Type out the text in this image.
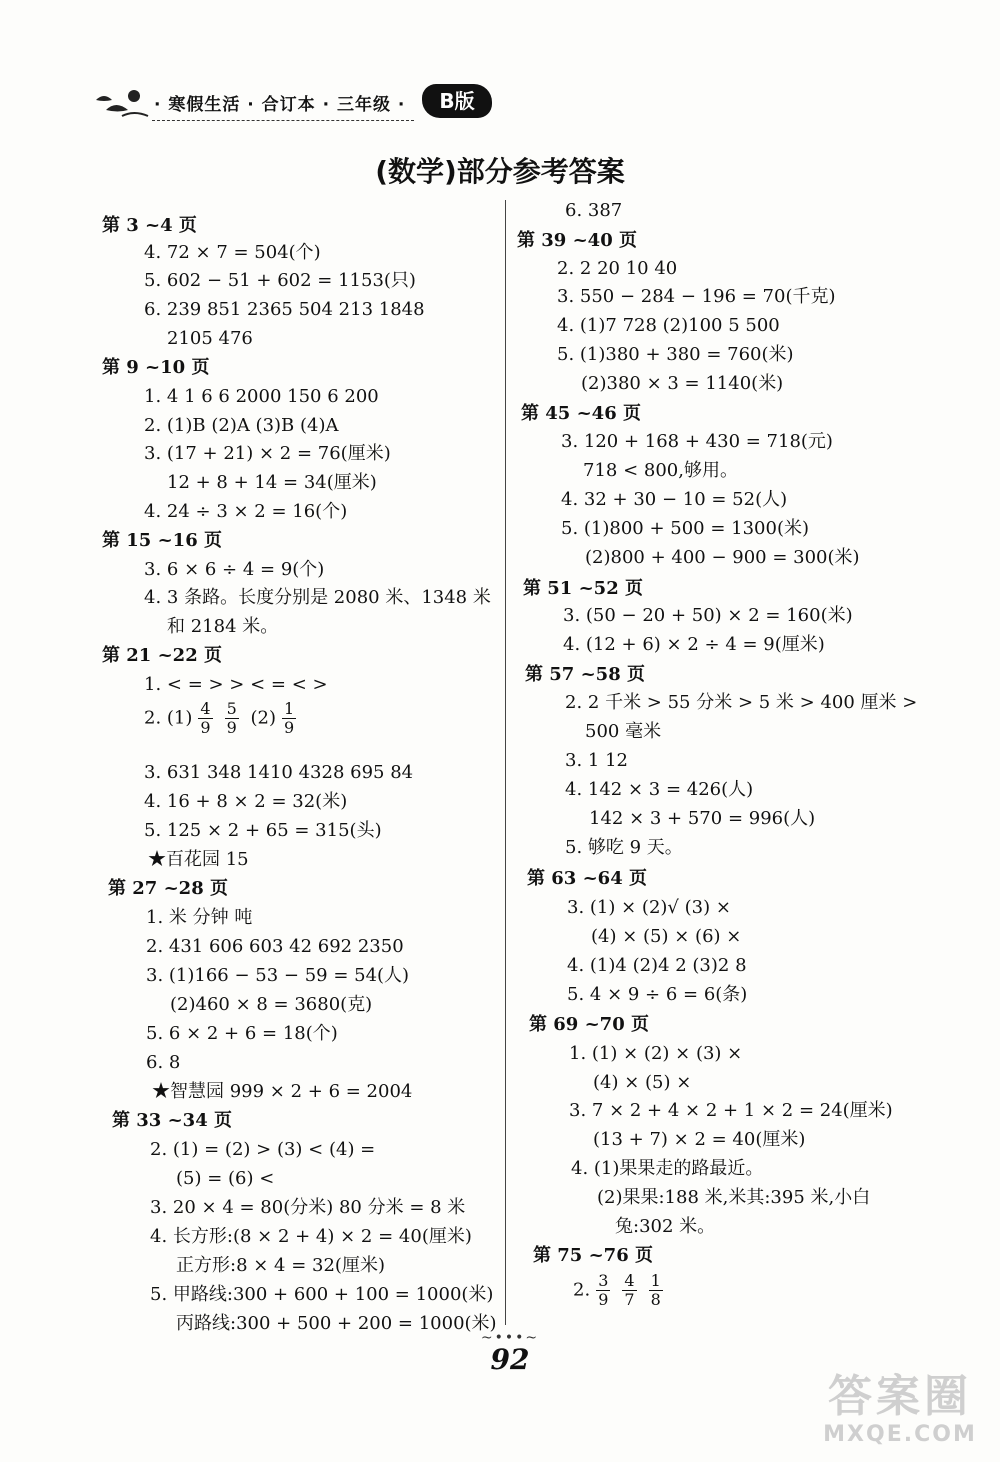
· 寒假生活 · 合订本 · 三年级 ·	B版
(数学)部分参考答案
第 3 ~4 页
4. 72 × 7 = 504(个)
5. 602 − 51 + 602 = 1153(只)
6. 239 851 2365 504 213 1848
2105 476
第 9 ~10 页
1. 4 1 6 6 2000 150 6 200
2. (1)B (2)A (3)B (4)A
3. (17 + 21) × 2 = 76(厘米)
12 + 8 + 14 = 34(厘米)
4. 24 ÷ 3 × 2 = 16(个)
第 15 ~16 页
3. 6 × 6 ÷ 4 = 9(个)
4. 3 条路。长度分别是 2080 米、1348 米
和 2184 米。
第 21 ~22 页
1. < = > > < = < >
3. 631 348 1410 4328 695 84
4. 16 + 8 × 2 = 32(米)
5. 125 × 2 + 65 = 315(头)
★百花园 15
第 27 ~28 页
1. 米 分钟 吨
2. 431 606 603 42 692 2350
3. (1)166 − 53 − 59 = 54(人)
(2)460 × 8 = 3680(克)
5. 6 × 2 + 6 = 18(个)
6. 8
★智慧园 999 × 2 + 6 = 2004
第 33 ~34 页
2. (1) = (2) > (3) < (4) =
(5) = (6) <
3. 20 × 4 = 80(分米) 80 分米 = 8 米
4. 长方形:(8 × 2 + 4) × 2 = 40(厘米)
正方形:8 × 4 = 32(厘米)
5. 甲路线:300 + 600 + 100 = 1000(米)
丙路线:300 + 500 + 200 = 1000(米)
2. $(1) \frac{4}{9} \frac{5}{9} (2) \frac{1}{9}$
6. 387
第 39 ~40 页
2. 2 20 10 40
3. 550 − 284 − 196 = 70(千克)
4. (1)7 728 (2)100 5 500
5. (1)380 + 380 = 760(米)
(2)380 × 3 = 1140(米)
第 45 ~46 页
3. 120 + 168 + 430 = 718(元)
718 < 800,够用。
4. 32 + 30 − 10 = 52(人)
5. (1)800 + 500 = 1300(米)
(2)800 + 400 − 900 = 300(米)
第 51 ~52 页
3. (50 − 20 + 50) × 2 = 160(米)
4. (12 + 6) × 2 ÷ 4 = 9(厘米)
第 57 ~58 页
2. 2 千米 > 55 分米 > 5 米 > 400 厘米 >
500 毫米
3. 1 12
4. 142 × 3 = 426(人)
142 × 3 + 570 = 996(人)
5. 够吃 9 天。
第 63 ~64 页
3. (1) × (2)√ (3) ×
(4) × (5) × (6) ×
4. (1)4 (2)4 2 (3)2 8
5. 4 × 9 ÷ 6 = 6(条)
第 69 ~70 页
1. (1) × (2) × (3) ×
(4) × (5) ×
3. 7 × 2 + 4 × 2 + 1 × 2 = 24(厘米)
(13 + 7) × 2 = 40(厘米)
4. (1)果果走的路最近。
(2)果果:188 米,米其:395 米,小白
兔:302 米。
第 75 ~76 页
2. $\frac{3}{9} \frac{4}{7} \frac{1}{8}$
~•••~
92
答案圈
MXQE.COM
